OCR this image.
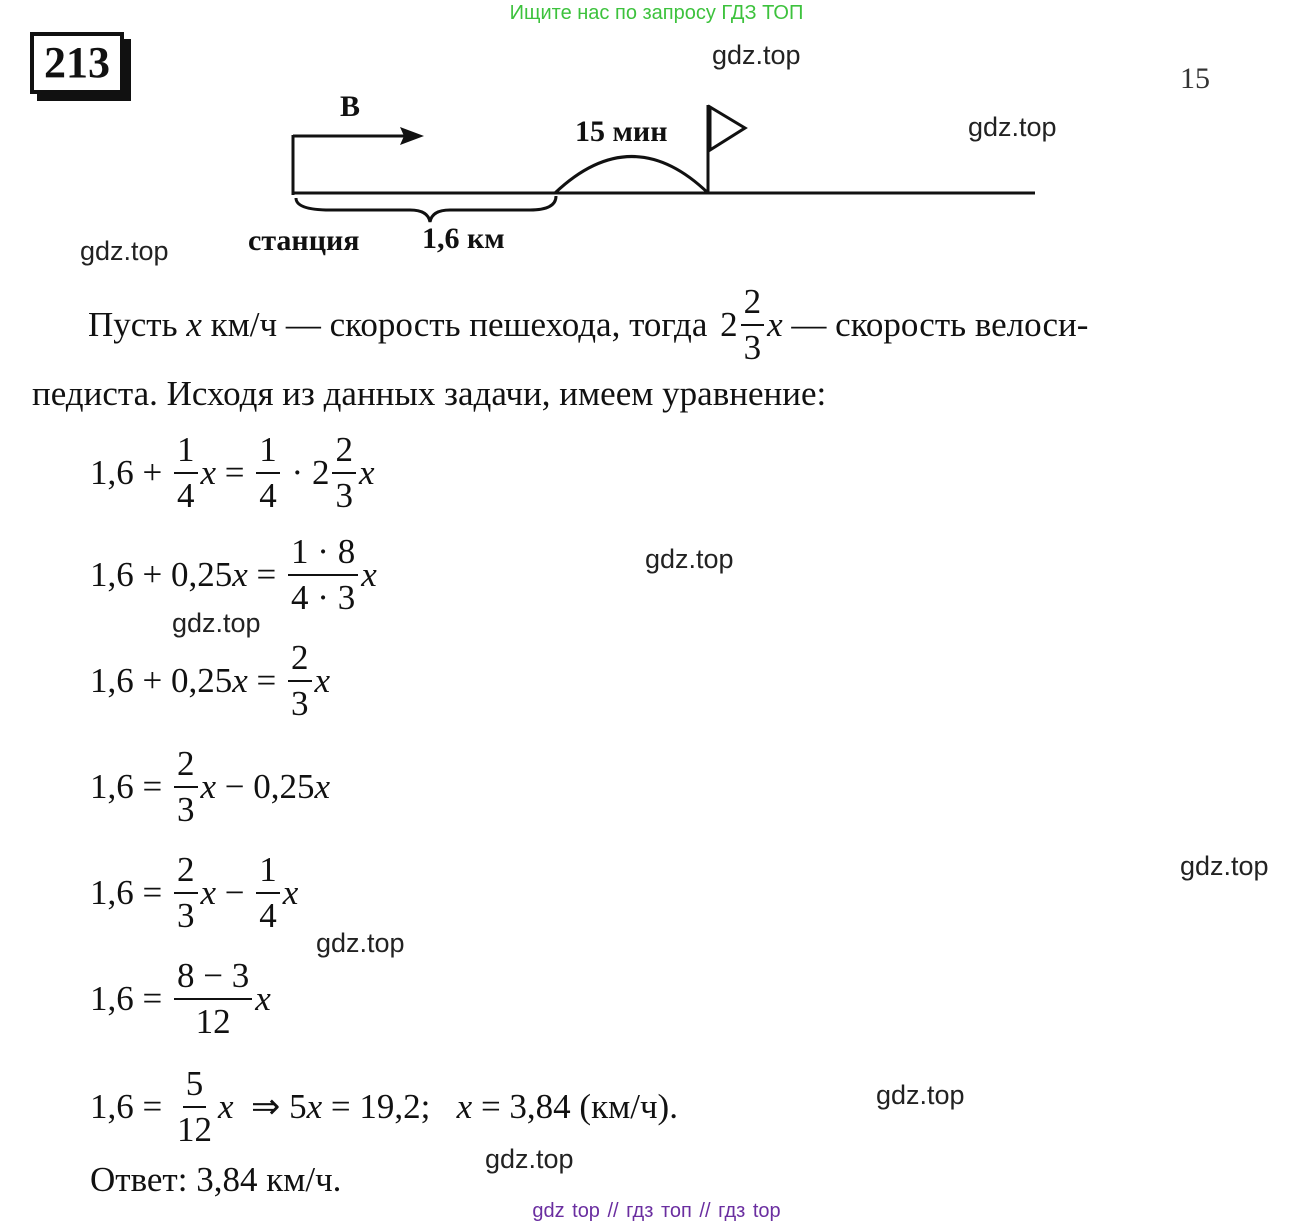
Ищите нас по запросу ГДЗ ТОП
213	15
В
15 мин
станция 1,6 км
Пусть x км/ч — скорость пешехода, тогда $2 \frac{2}{3}$ x — скорость велоси-
педиста. Исходя из данных задачи, имеем уравнение:
$1,6 + \frac{1}{4}$ $x = \frac{1}{4} \cdot 2 \frac{2}{3}$ x
1,6 + 0,25 $x = \frac{1 \cdot 8}{4 \cdot 3}$ x
1,6 + 0,25 $x = \frac{2}{3}$ x
$1,6 = \frac{2}{3}$ x − 0,25 x
$1,6 = \frac{2}{3}$ $x - \frac{1}{4}$ x
$1,6 = \frac{8 - 3}{12}$ x
$1,6 = \frac{5}{12}$ x ⇒ 5 x = 19,2; x = 3,84 (км/ч).
Ответ: 3,84 км/ч.
gdz.top
gdz.top
gdz.top
gdz.top
gdz.top
gdz.top
gdz.top
gdz.top
gdz.top
gdz top // гдз топ // гдз top
